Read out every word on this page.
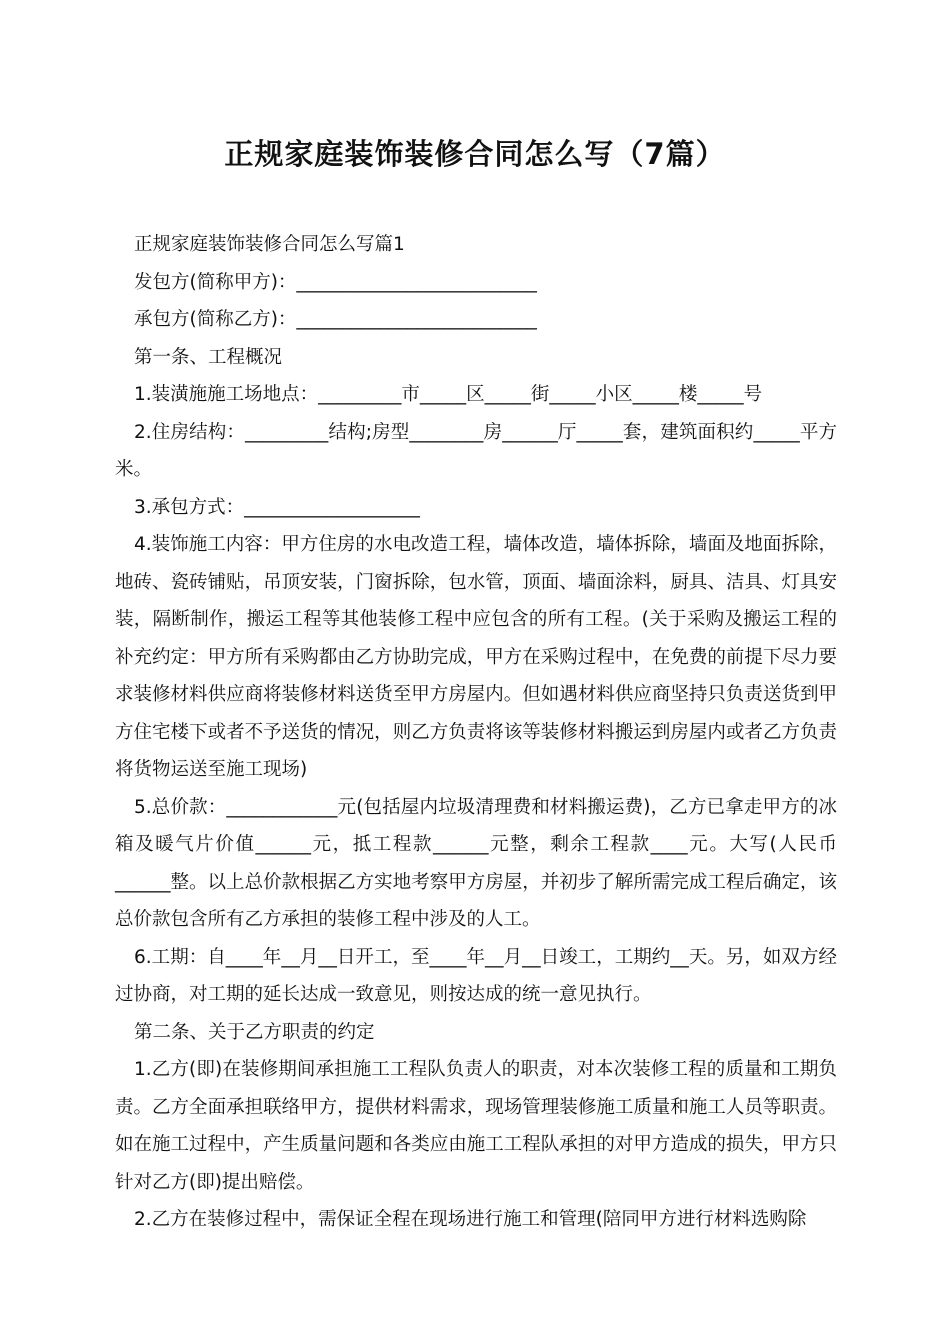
正规家庭装饰装修合同怎么写（7篇）

正规家庭装饰装修合同怎么写篇1

发包方(简称甲方)：__________________________

承包方(简称乙方)：__________________________

第一条、工程概况

1.装潢施施工场地点：_________市_____区_____街_____小区_____楼_____号

2.住房结构：_________结构;房型________房______厅_____套，建筑面积约_____平方米。

3.承包方式：___________________

4.装饰施工内容：甲方住房的水电改造工程，墙体改造，墙体拆除，墙面及地面拆除，地砖、瓷砖铺贴，吊顶安装，门窗拆除，包水管，顶面、墙面涂料，厨具、洁具、灯具安装，隔断制作，搬运工程等其他装修工程中应包含的所有工程。(关于采购及搬运工程的补充约定：甲方所有采购都由乙方协助完成，甲方在采购过程中，在免费的前提下尽力要求装修材料供应商将装修材料送货至甲方房屋内。但如遇材料供应商坚持只负责送货到甲方住宅楼下或者不予送货的情况，则乙方负责将该等装修材料搬运到房屋内或者乙方负责将货物运送至施工现场)

5.总价款：____________元(包括屋内垃圾清理费和材料搬运费)，乙方已拿走甲方的冰箱及暖气片价值______元，抵工程款______元整，剩余工程款____元。大写(人民币______整。以上总价款根据乙方实地考察甲方房屋，并初步了解所需完成工程后确定，该总价款包含所有乙方承担的装修工程中涉及的人工。

6.工期：自____年__月__日开工，至____年__月__日竣工，工期约__天。另，如双方经过协商，对工期的延长达成一致意见，则按达成的统一意见执行。

第二条、关于乙方职责的约定

1.乙方(即)在装修期间承担施工工程队负责人的职责，对本次装修工程的质量和工期负责。乙方全面承担联络甲方，提供材料需求，现场管理装修施工质量和施工人员等职责。如在施工过程中，产生质量问题和各类应由施工工程队承担的对甲方造成的损失，甲方只针对乙方(即)提出赔偿。

2.乙方在装修过程中，需保证全程在现场进行施工和管理(陪同甲方进行材料选购除
